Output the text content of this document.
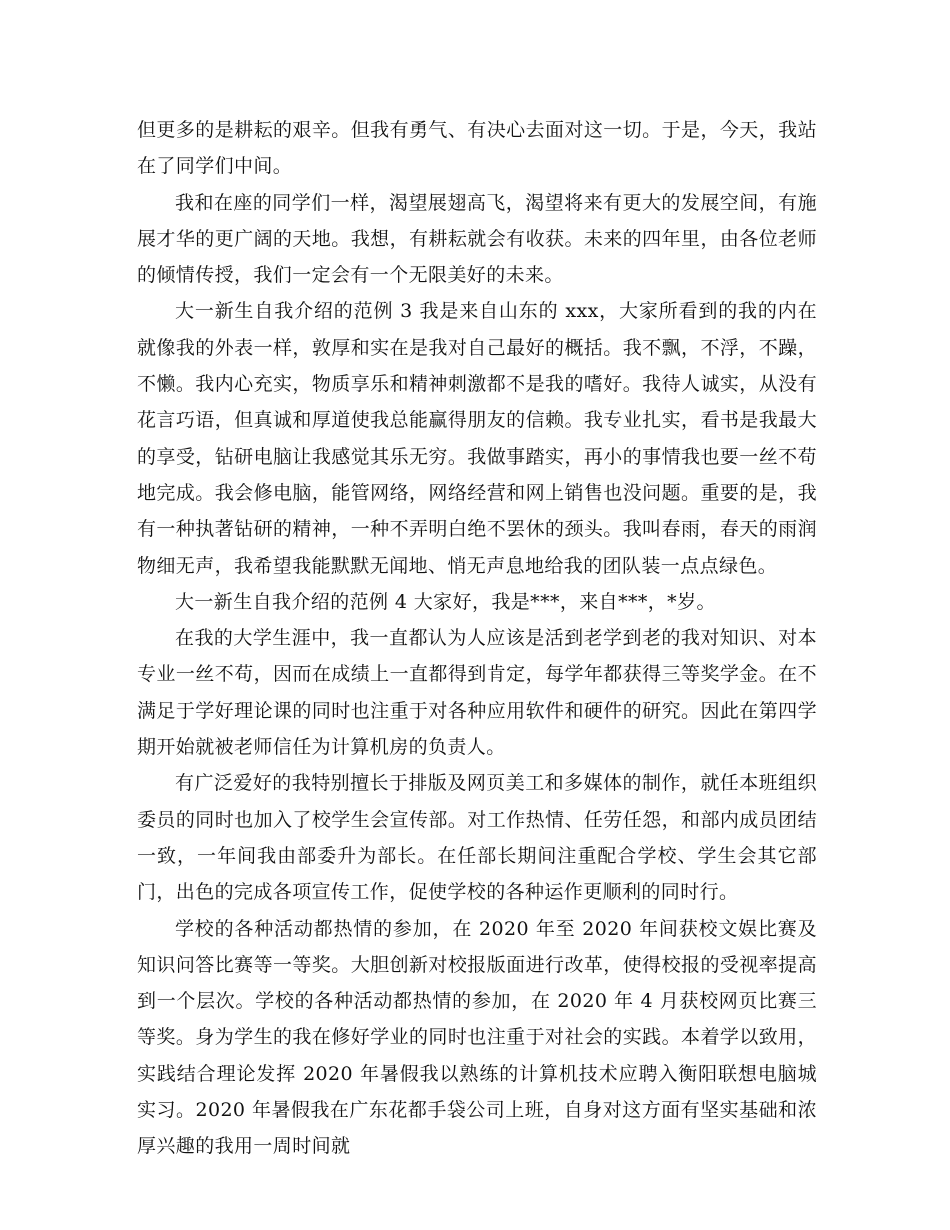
但更多的是耕耘的艰辛。但我有勇气、有决心去面对这一切。于是，今天，我站在了同学们中间。

我和在座的同学们一样，渴望展翅高飞，渴望将来有更大的发展空间，有施展才华的更广阔的天地。我想，有耕耘就会有收获。未来的四年里，由各位老师的倾情传授，我们一定会有一个无限美好的未来。

大一新生自我介绍的范例 3 我是来自山东的 xxx，大家所看到的我的内在就像我的外表一样，敦厚和实在是我对自己最好的概括。我不飘，不浮，不躁，不懒。我内心充实，物质享乐和精神刺激都不是我的嗜好。我待人诚实，从没有花言巧语，但真诚和厚道使我总能赢得朋友的信赖。我专业扎实，看书是我最大的享受，钻研电脑让我感觉其乐无穷。我做事踏实，再小的事情我也要一丝不苟地完成。我会修电脑，能管网络，网络经营和网上销售也没问题。重要的是，我有一种执著钻研的精神，一种不弄明白绝不罢休的颈头。我叫春雨，春天的雨润物细无声，我希望我能默默无闻地、悄无声息地给我的团队装一点点绿色。

大一新生自我介绍的范例 4 大家好，我是***，来自***，*岁。

在我的大学生涯中，我一直都认为人应该是活到老学到老的我对知识、对本专业一丝不苟，因而在成绩上一直都得到肯定，每学年都获得三等奖学金。在不满足于学好理论课的同时也注重于对各种应用软件和硬件的研究。因此在第四学期开始就被老师信任为计算机房的负责人。

有广泛爱好的我特别擅长于排版及网页美工和多媒体的制作，就任本班组织委员的同时也加入了校学生会宣传部。对工作热情、任劳任怨，和部内成员团结一致，一年间我由部委升为部长。在任部长期间注重配合学校、学生会其它部门，出色的完成各项宣传工作，促使学校的各种运作更顺利的同时行。

学校的各种活动都热情的参加，在 2020 年至 2020 年间获校文娱比赛及知识问答比赛等一等奖。大胆创新对校报版面进行改革，使得校报的受视率提高到一个层次。学校的各种活动都热情的参加，在 2020 年 4 月获校网页比赛三等奖。身为学生的我在修好学业的同时也注重于对社会的实践。本着学以致用，实践结合理论发挥 2020 年暑假我以熟练的计算机技术应聘入衡阳联想电脑城实习。2020 年暑假我在广东花都手袋公司上班，自身对这方面有坚实基础和浓厚兴趣的我用一周时间就
